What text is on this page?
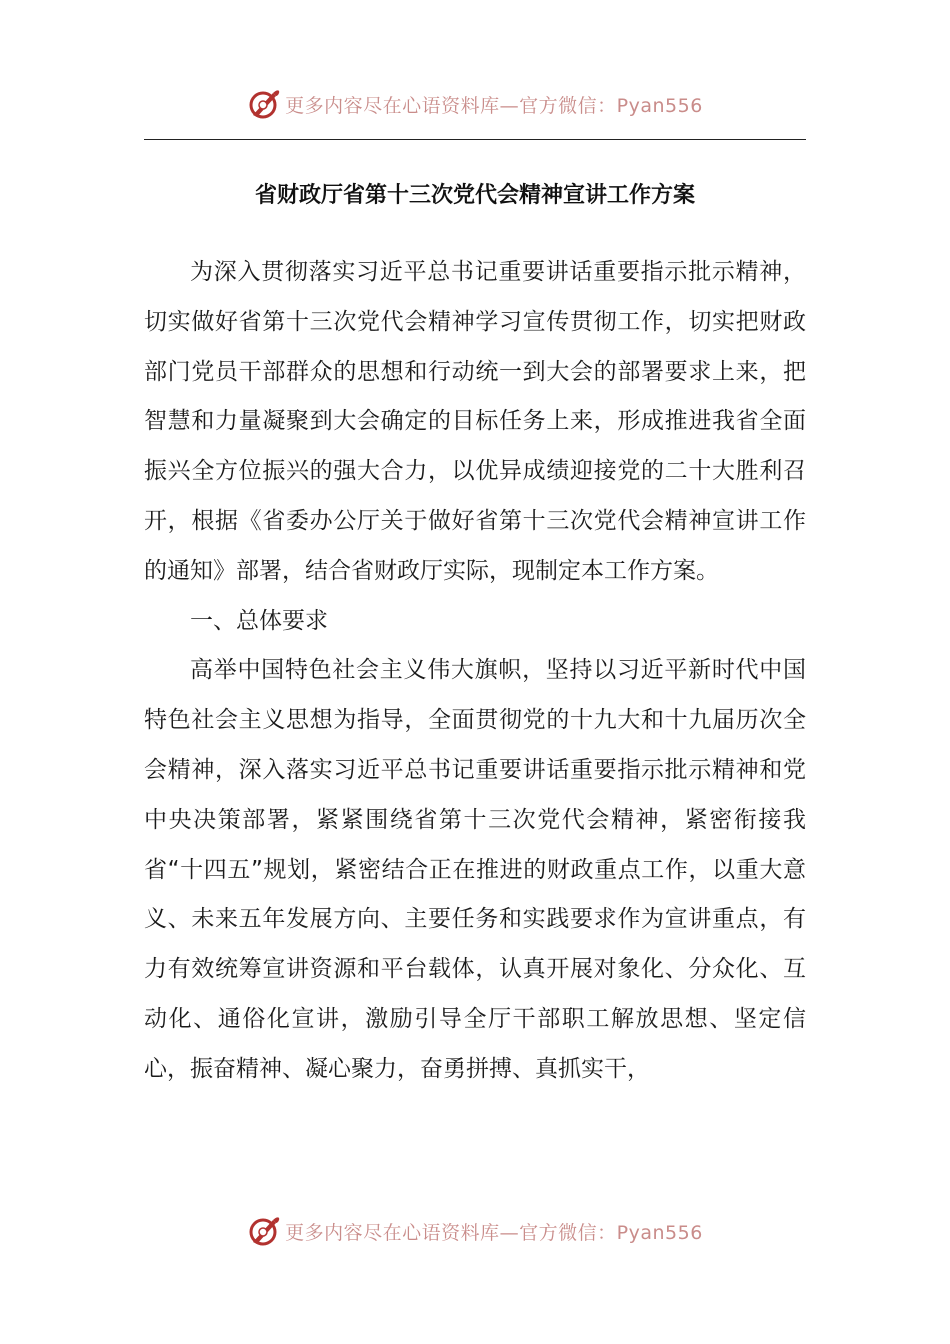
更多内容尽在心语资料库—官方微信：Pyan556
省财政厅省第十三次党代会精神宣讲工作方案

为深入贯彻落实习近平总书记重要讲话重要指示批示精神，切实做好省第十三次党代会精神学习宣传贯彻工作，切实把财政部门党员干部群众的思想和行动统一到大会的部署要求上来，把智慧和力量凝聚到大会确定的目标任务上来，形成推进我省全面振兴全方位振兴的强大合力，以优异成绩迎接党的二十大胜利召开，根据《省委办公厅关于做好省第十三次党代会精神宣讲工作的通知》部署，结合省财政厅实际，现制定本工作方案。

一、总体要求

高举中国特色社会主义伟大旗帜，坚持以习近平新时代中国特色社会主义思想为指导，全面贯彻党的十九大和十九届历次全会精神，深入落实习近平总书记重要讲话重要指示批示精神和党中央决策部署，紧紧围绕省第十三次党代会精神，紧密衔接我省“十四五”规划，紧密结合正在推进的财政重点工作，以重大意义、未来五年发展方向、主要任务和实践要求作为宣讲重点，有力有效统筹宣讲资源和平台载体，认真开展对象化、分众化、互动化、通俗化宣讲，激励引导全厅干部职工解放思想、坚定信心，振奋精神、凝心聚力，奋勇拼搏、真抓实干，

更多内容尽在心语资料库—官方微信：Pyan556
